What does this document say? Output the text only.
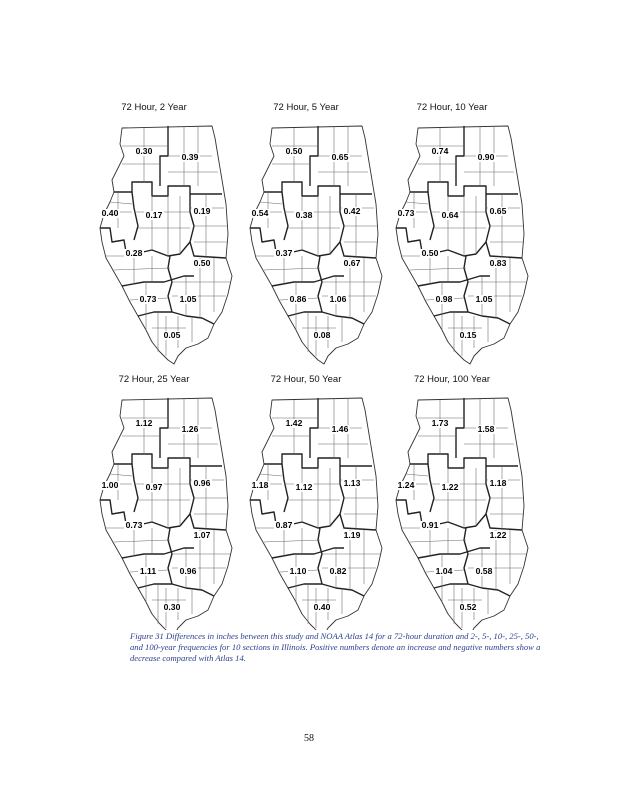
72 Hour, 2 Year
0.30
0.39
0.40	0.17	0.19
0.28
0.50
0.73	1.05
0.05
72 Hour, 5 Year
0.50
0.65
0.54	0.38	0.42
0.37
0.67
0.86	1.06
0.08
72 Hour, 10 Year
0.74
0.90
0.73	0.64	0.65
0.50
0.83
0.98	1.05
0.15
72 Hour, 25 Year
1.12
1.26
1.00	0.97	0.96
0.73
1.07
1.11	0.96
0.30
72 Hour, 50 Year
1.42
1.46
1.18	1.12	1.13
0.87
1.19
1.10	0.82
0.40
72 Hour, 100 Year
1.73
1.58
1.24	1.22	1.18
0.91
1.22
1.04	0.58
0.52
Figure 31 Differences in inches between this study and NOAA Atlas 14 for a 72-hour duration and 2-, 5-, 10-, 25-, 50-, and 100-year frequencies for 10 sections in Illinois. Positive numbers denote an increase and negative numbers show a decrease compared with Atlas 14.
58
